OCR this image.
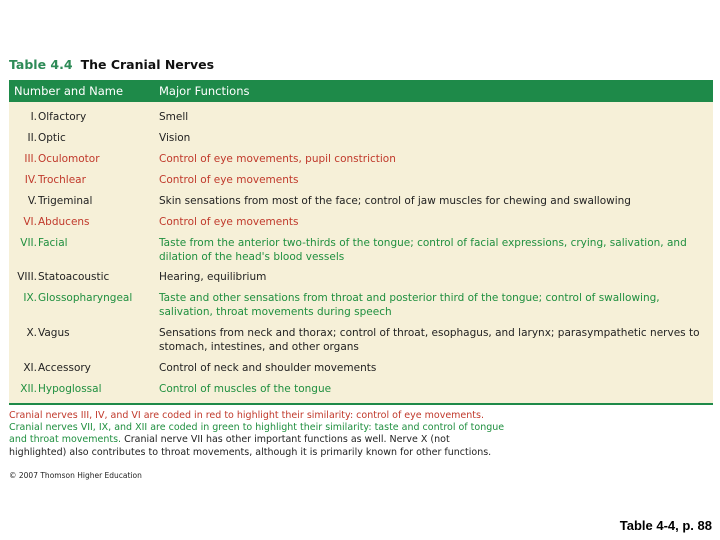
Table 4.4 The Cranial Nerves
Number and Name	Major Functions
I. Olfactory	Smell
II. Optic	Vision
III. Oculomotor	Control of eye movements, pupil constriction
IV. Trochlear	Control of eye movements
V. Trigeminal	Skin sensations from most of the face; control of jaw muscles for chewing and swallowing
VI. Abducens	Control of eye movements
VII. Facial	Taste from the anterior two-thirds of the tongue; control of facial expressions, crying, salivation, and dilation of the head's blood vessels
VIII. Statoacoustic	Hearing, equilibrium
IX. Glossopharyngeal	Taste and other sensations from throat and posterior third of the tongue; control of swallowing, salivation, throat movements during speech
X. Vagus	Sensations from neck and thorax; control of throat, esophagus, and larynx; parasympathetic nerves to stomach, intestines, and other organs
XI. Accessory	Control of neck and shoulder movements
XII. Hypoglossal	Control of muscles of the tongue
Cranial nerves III, IV, and VI are coded in red to highlight their similarity: control of eye movements. Cranial nerves VII, IX, and XII are coded in green to highlight their similarity: taste and control of tongue and throat movements. Cranial nerve VII has other important functions as well. Nerve X (not highlighted) also contributes to throat movements, although it is primarily known for other functions.
© 2007 Thomson Higher Education
Table 4-4, p. 88
